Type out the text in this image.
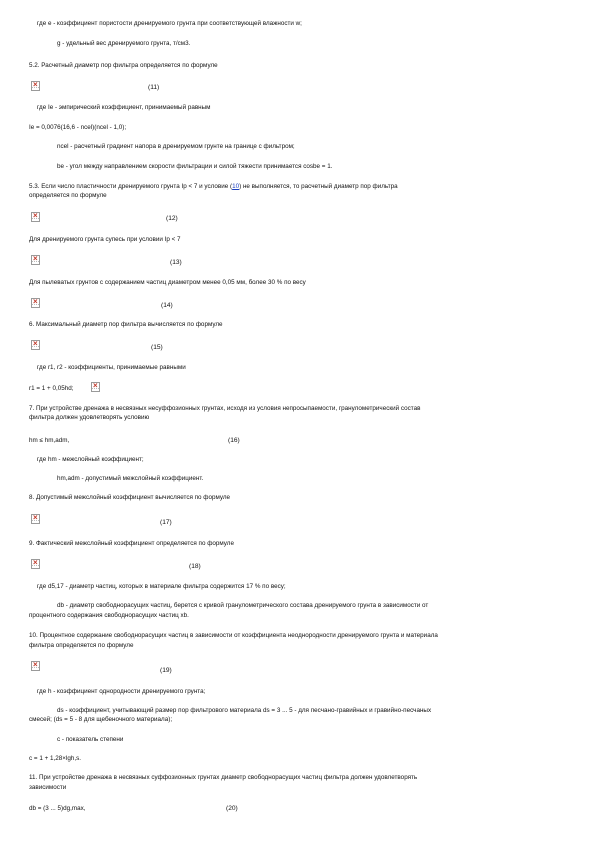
где e - коэффициент пористости дренируемого грунта при соответствующей влажности w;
g - удельный вес дренируемого грунта, т/см3.
5.2. Расчетный диаметр пор фильтра определяется по формуле
×
(11)
где Ie - эмпирический коэффициент, принимаемый равным
Ie = 0,0076(16,6 - ncel)(ncel - 1,0);
ncel - расчетный градиент напора в дренируемом грунте на границе с фильтром;
be - угол между направлением скорости фильтрации и силой тяжести принимается cosbe = 1.
5.3. Если число пластичности дренируемого грунта Ip < 7 и условие (10) не выполняется, то расчетный диаметр пор фильтра
определяется по формуле
×
(12)
Для дренируемого грунта супесь при условии Ip < 7
×
(13)
Для пылеватых грунтов с содержанием частиц диаметром менее 0,05 мм, более 30 % по весу
×
(14)
6. Максимальный диаметр пор фильтра вычисляется по формуле
×
(15)
где r1, r2 - коэффициенты, принимаемые равными
r1 = 1 + 0,05hd;
×
7. При устройстве дренажа в несвязных несуффозионных грунтах, исходя из условия непросыпаемости, гранулометрический состав
фильтра должен удовлетворять условию
hm ≤ hm,adm,	(16)
где hm - межслойный коэффициент;
hm,adm - допустимый межслойный коэффициент.
8. Допустимый межслойный коэффициент вычисляется по формуле
×
(17)
9. Фактический межслойный коэффициент определяется по формуле
×
(18)
где d5,17 - диаметр частиц, которых в материале фильтра содержится 17 % по весу;
db - диаметр свободнорасущих частиц, берется с кривой гранулометрического состава дренируемого грунта в зависимости от
процентного содержания свободнорасущих частиц xb.
10. Процентное содержание свободнорасущих частиц в зависимости от коэффициента неоднородности дренируемого грунта и материала
фильтра определяется по формуле
×
(19)
где h - коэффициент однородности дренируемого грунта;
ds - коэффициент, учитывающий размер пор фильтрового материала ds = 3 ... 5 - для песчано-гравийных и гравийно-песчаных
смесей; (ds = 5 - 8 для щебеночного материала);
c - показатель степени
c = 1 + 1,28×lgh,s.
11. При устройстве дренажа в несвязных суффозионных грунтах диаметр свободнорасущих частиц фильтра должен удовлетворять
зависимости
db = (3 ... 5)dg,max,	(20)
